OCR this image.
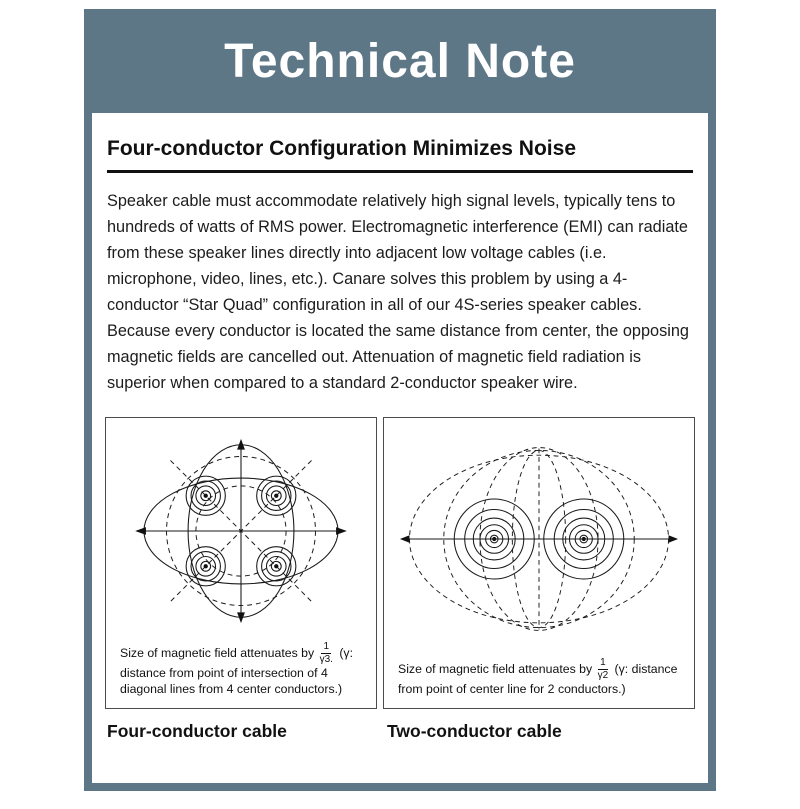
Technical Note
Four-conductor Configuration Minimizes Noise

Speaker cable must accommodate relatively high signal levels, typically tens to hundreds of watts of RMS power. Electromagnetic interference (EMI) can radiate from these speaker lines directly into adjacent low voltage cables (i.e. microphone, video, lines, etc.). Canare solves this problem by using a 4-conductor “Star Quad” configuration in all of our 4S-series speaker cables. Because every conductor is located the same distance from center, the opposing magnetic fields are cancelled out. Attenuation of magnetic field radiation is superior when compared to a standard 2-conductor speaker wire.

Size of magnetic field attenuates by $\frac{1}{\gamma 3.} (\gamma$: distance from point of intersection of 4 diagonal lines from 4 center conductors.)

Size of magnetic field attenuates by $\frac{1}{\gamma 2} (\gamma$: distance from point of center line for 2 conductors.)

Four-conductor cable	Two-conductor cable
